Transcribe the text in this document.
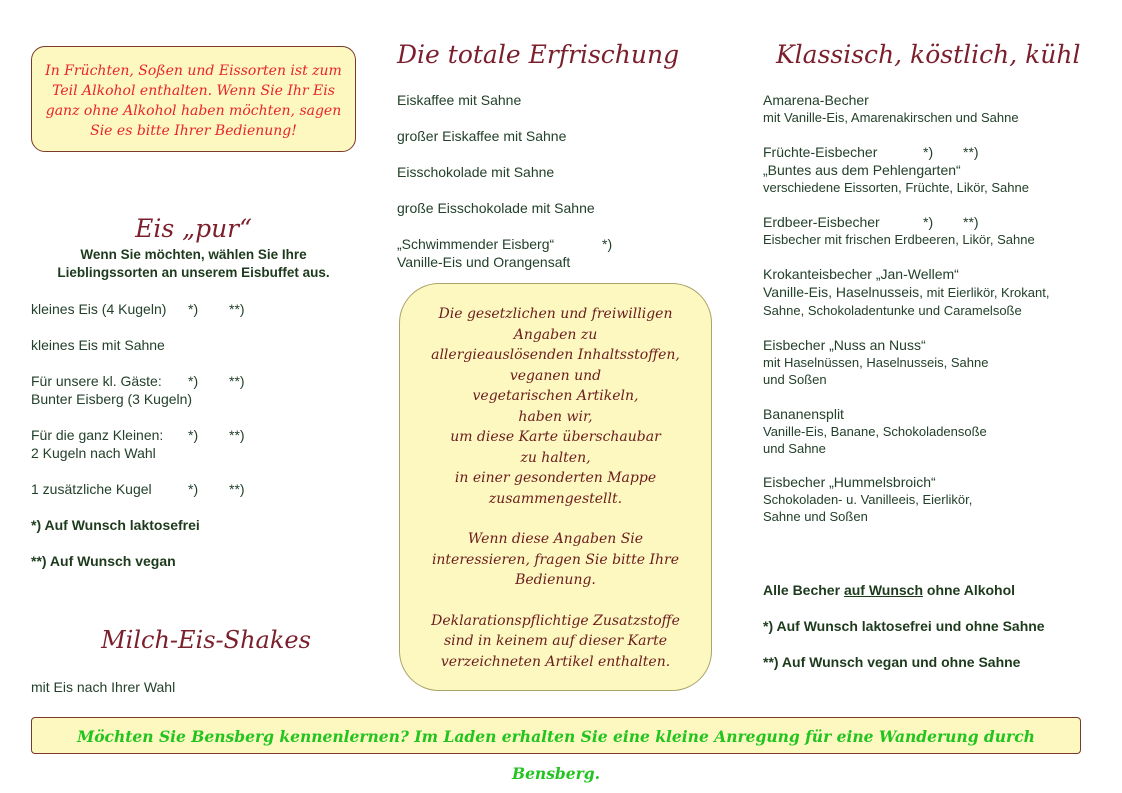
In Früchten, Soßen und Eissorten ist zum Teil Alkohol enthalten. Wenn Sie Ihr Eis ganz ohne Alkohol haben möchten, sagen Sie es bitte Ihrer Bedienung!
Eis „pur“
Wenn Sie möchten, wählen Sie Ihre
Lieblingssorten an unserem Eisbuffet aus.
kleines Eis (4 Kugeln) *) **)
kleines Eis mit Sahne
Für unsere kl. Gäste: *) **)
Bunter Eisberg (3 Kugeln)
Für die ganz Kleinen: *) **)
2 Kugeln nach Wahl
1 zusätzliche Kugel	*) **)
*) Auf Wunsch laktosefrei
**) Auf Wunsch vegan
Milch-Eis-Shakes
mit Eis nach Ihrer Wahl
Die totale Erfrischung
Eiskaffee mit Sahne
großer Eiskaffee mit Sahne
Eisschokolade mit Sahne
große Eisschokolade mit Sahne
„Schwimmender Eisberg“	*)
Vanille-Eis und Orangensaft

Die gesetzlichen und freiwilligen
Angaben zu
allergieauslösenden Inhaltsstoffen,
veganen und
vegetarischen Artikeln,
haben wir,
um diese Karte überschaubar
zu halten,
in einer gesonderten Mappe
zusammengestellt.

Wenn diese Angaben Sie
interessieren, fragen Sie bitte Ihre
Bedienung.

Deklarationspflichtige Zusatzstoffe
sind in keinem auf dieser Karte
verzeichneten Artikel enthalten.

Klassisch, köstlich, kühl
Amarena-Becher
mit Vanille-Eis, Amarenakirschen und Sahne
Früchte-Eisbecher	*) **)
„Buntes aus dem Pehlengarten“
verschiedene Eissorten, Früchte, Likör, Sahne
Erdbeer-Eisbecher	*) **)
Eisbecher mit frischen Erdbeeren, Likör, Sahne
Krokanteisbecher „Jan-Wellem“
Vanille-Eis, Haselnusseis, mit Eierlikör, Krokant,
Sahne, Schokoladentunke und Caramelsoße
Eisbecher „Nuss an Nuss“
mit Haselnüssen, Haselnusseis, Sahne
und Soßen
Bananensplit
Vanille-Eis, Banane, Schokoladensoße
und Sahne
Eisbecher „Hummelsbroich“
Schokoladen- u. Vanilleeis, Eierlikör,
Sahne und Soßen
Alle Becher auf Wunsch ohne Alkohol
*) Auf Wunsch laktosefrei und ohne Sahne
**) Auf Wunsch vegan und ohne Sahne
Möchten Sie Bensberg kennenlernen? Im Laden erhalten Sie eine kleine Anregung für eine Wanderung durch Bensberg.
